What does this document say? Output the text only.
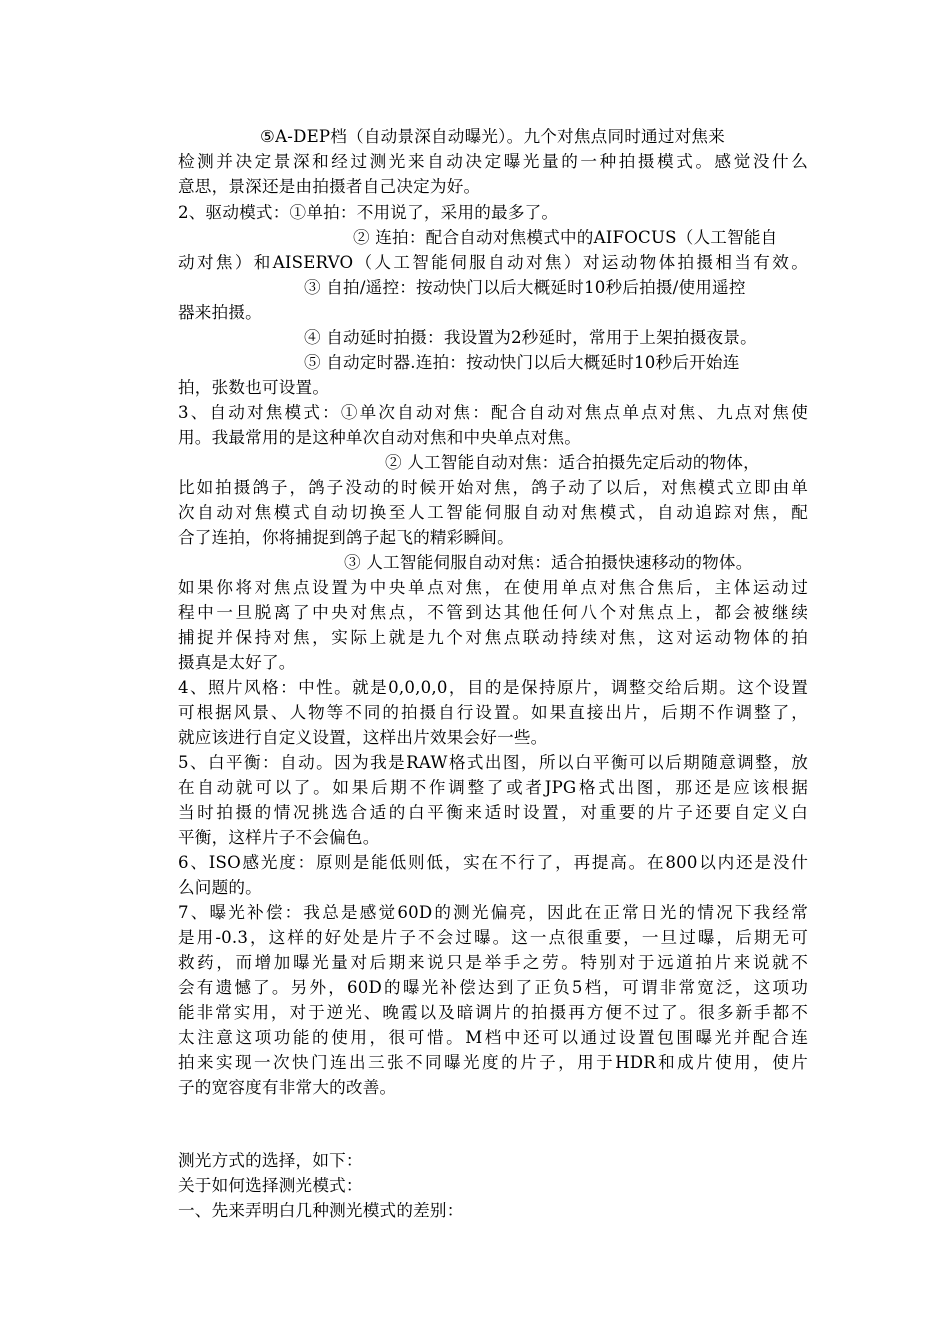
⑤A-DEP档（自动景深自动曝光）。九个对焦点同时通过对焦来
检测并决定景深和经过测光来自动决定曝光量的一种拍摄模式。感觉没什么
意思，景深还是由拍摄者自己决定为好。
2、驱动模式：①单拍：不用说了，采用的最多了。
② 连拍：配合自动对焦模式中的AIFOCUS（人工智能自
动对焦）和AISERVO（人工智能伺服自动对焦）对运动物体拍摄相当有效。
③ 自拍/遥控：按动快门以后大概延时10秒后拍摄/使用遥控
器来拍摄。
④ 自动延时拍摄：我设置为2秒延时，常用于上架拍摄夜景。
⑤ 自动定时器.连拍：按动快门以后大概延时10秒后开始连
拍，张数也可设置。
3、自动对焦模式：①单次自动对焦：配合自动对焦点单点对焦、九点对焦使
用。我最常用的是这种单次自动对焦和中央单点对焦。
② 人工智能自动对焦：适合拍摄先定后动的物体，
比如拍摄鸽子，鸽子没动的时候开始对焦，鸽子动了以后，对焦模式立即由单
次自动对焦模式自动切换至人工智能伺服自动对焦模式，自动追踪对焦，配
合了连拍，你将捕捉到鸽子起飞的精彩瞬间。
③ 人工智能伺服自动对焦：适合拍摄快速移动的物体。
如果你将对焦点设置为中央单点对焦，在使用单点对焦合焦后，主体运动过
程中一旦脱离了中央对焦点，不管到达其他任何八个对焦点上，都会被继续
捕捉并保持对焦，实际上就是九个对焦点联动持续对焦，这对运动物体的拍
摄真是太好了。
4、照片风格：中性。就是0,0,0,0，目的是保持原片，调整交给后期。这个设置
可根据风景、人物等不同的拍摄自行设置。如果直接出片，后期不作调整了，
就应该进行自定义设置，这样出片效果会好一些。
5、白平衡：自动。因为我是RAW格式出图，所以白平衡可以后期随意调整，放
在自动就可以了。如果后期不作调整了或者JPG格式出图，那还是应该根据
当时拍摄的情况挑选合适的白平衡来适时设置，对重要的片子还要自定义白
平衡，这样片子不会偏色。
6、ISO感光度：原则是能低则低，实在不行了，再提高。在800以内还是没什
么问题的。
7、曝光补偿：我总是感觉60D的测光偏亮，因此在正常日光的情况下我经常
是用-0.3，这样的好处是片子不会过曝。这一点很重要，一旦过曝，后期无可
救药，而增加曝光量对后期来说只是举手之劳。特别对于远道拍片来说就不
会有遗憾了。另外，60D的曝光补偿达到了正负5档，可谓非常宽泛，这项功
能非常实用，对于逆光、晚霞以及暗调片的拍摄再方便不过了。很多新手都不
太注意这项功能的使用，很可惜。M档中还可以通过设置包围曝光并配合连
拍来实现一次快门连出三张不同曝光度的片子，用于HDR和成片使用，使片
子的宽容度有非常大的改善。
测光方式的选择，如下：
关于如何选择测光模式：
一、先来弄明白几种测光模式的差别：
